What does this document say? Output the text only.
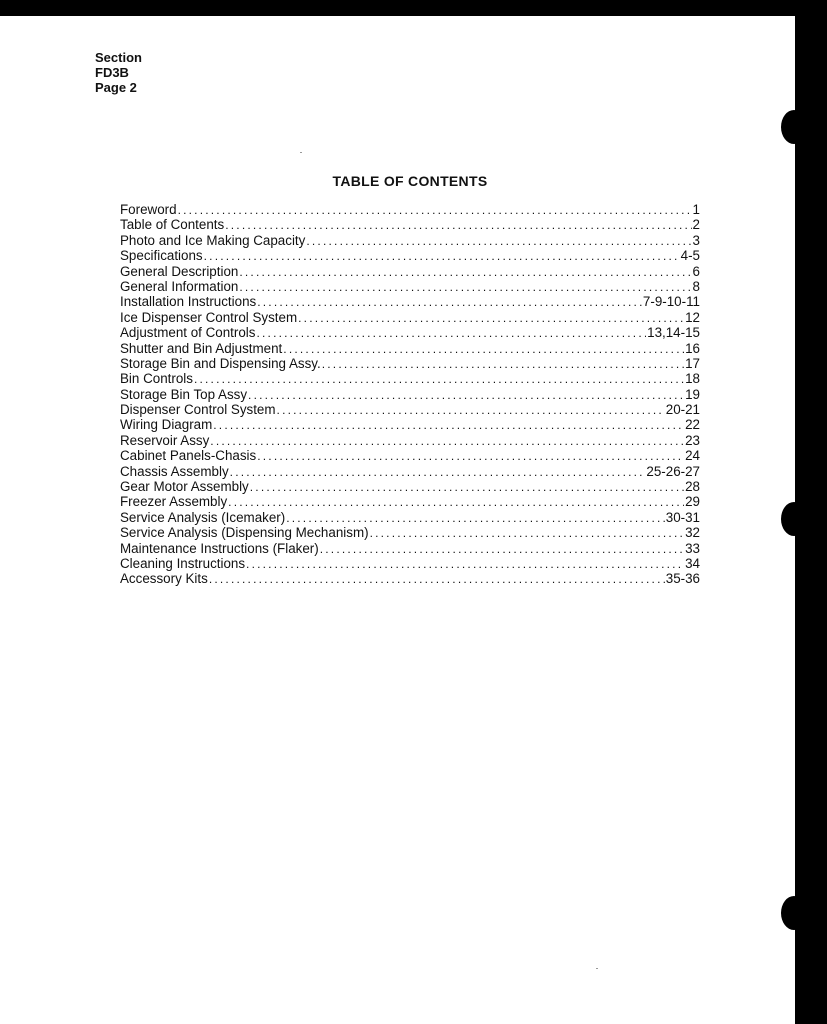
Section
FD3B
Page 2
TABLE OF CONTENTS
Foreword .....	1
Table of Contents .....	2
Photo and Ice Making Capacity .....	3
Specifications .....	4-5
General Description .....	6
General Information .....	8
Installation Instructions .....	7-9-10-11
Ice Dispenser Control System .....	12
Adjustment of Controls .....	13,14-15
Shutter and Bin Adjustment .....	16
Storage Bin and Dispensing Assy. .....	17
Bin Controls .....	18
Storage Bin Top Assy .....	19
Dispenser Control System .....	20-21
Wiring Diagram .....	22
Reservoir Assy .....	23
Cabinet Panels-Chasis .....	24
Chassis Assembly .....	25-26-27
Gear Motor Assembly .....	28
Freezer Assembly .....	29
Service Analysis (Icemaker) .....	30-31
Service Analysis (Dispensing Mechanism) .....	32
Maintenance Instructions (Flaker) .....	33
Cleaning Instructions .....	34
Accessory Kits .....	35-36
